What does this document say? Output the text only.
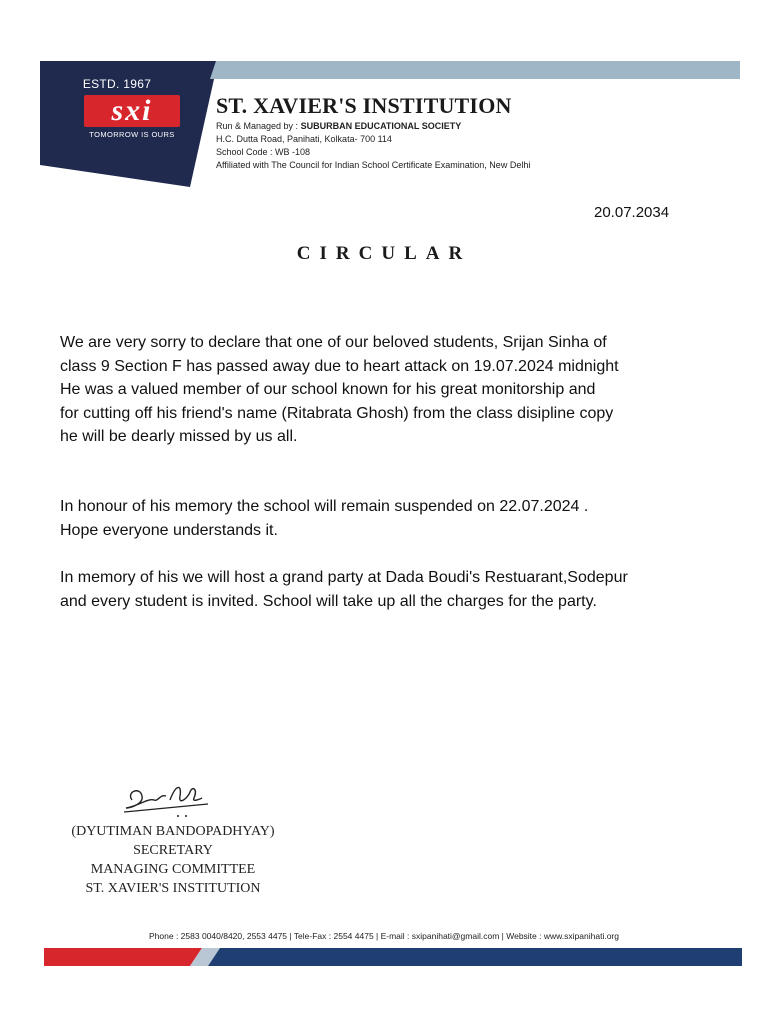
ESTD. 1967
sxi
TOMORROW IS OURS
ST. XAVIER'S INSTITUTION
Run & Managed by : SUBURBAN EDUCATIONAL SOCIETY
H.C. Dutta Road, Panihati, Kolkata- 700 114
School Code : WB -108
Affiliated with The Council for Indian School Certificate Examination, New Delhi
20.07.2034
CIRCULAR

We are very sorry to declare that one of our beloved students, Srijan Sinha of
class 9 Section F has passed away due to heart attack on 19.07.2024 midnight
He was a valued member of our school known for his great monitorship and
for cutting off his friend's name (Ritabrata Ghosh) from the class disipline copy
he will be dearly missed by us all.

In honour of his memory the school will remain suspended on 22.07.2024 .
Hope everyone understands it.

In memory of his we will host a grand party at Dada Boudi's Restuarant,Sodepur
and every student is invited. School will take up all the charges for the party.

(DYUTIMAN BANDOPADHYAY)
SECRETARY
MANAGING COMMITTEE
ST. XAVIER'S INSTITUTION
Phone : 2583 0040/8420, 2553 4475 | Tele-Fax : 2554 4475 | E-mail : sxipanihati@gmail.com | Website : www.sxipanihati.org
